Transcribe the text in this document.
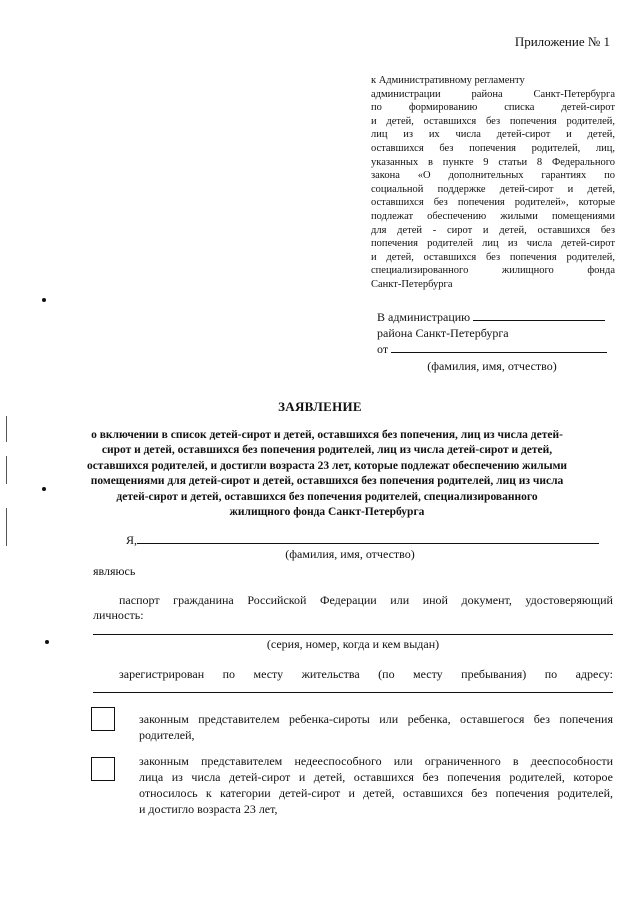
Приложение № 1
к Административному регламенту
администрации района Санкт-Петербурга
по формированию списка детей-сирот
и детей, оставшихся без попечения родителей,
лиц из их числа детей-сирот и детей,
оставшихся без попечения родителей, лиц,
указанных в пункте 9 статьи 8 Федерального
закона «О дополнительных гарантиях по
социальной поддержке детей-сирот и детей,
оставшихся без попечения родителей», которые
подлежат обеспечению жилыми помещениями
для детей - сирот и детей, оставшихся без
попечения родителей лиц из числа детей-сирот
и детей, оставшихся без попечения родителей,
специализированного жилищного фонда
Санкт-Петербурга
В администрацию
района Санкт-Петербурга
от
(фамилия, имя, отчество)
ЗАЯВЛЕНИЕ
о включении в список детей-сирот и детей, оставшихся без попечения, лиц из числа детей-сирот и детей, оставшихся без попечения родителей, лиц из числа детей-сирот и детей, оставшихся родителей, и достигли возраста 23 лет, которые подлежат обеспечению жилыми помещениями для детей-сирот и детей, оставшихся без попечения родителей, лиц из числа детей-сирот и детей, оставшихся без попечения родителей, специализированного жилищного фонда Санкт-Петербурга
Я,
(фамилия, имя, отчество)
являюсь
паспорт гражданина Российской Федерации или иной документ, удостоверяющий
личность:
(серия, номер, когда и кем выдан)
зарегистрирован по месту жительства (по месту пребывания) по адресу:
законным представителем ребенка-сироты или ребенка, оставшегося без попечения
родителей,
законным представителем недееспособного или ограниченного в дееспособности
лица из числа детей-сирот и детей, оставшихся без попечения родителей, которое
относилось к категории детей-сирот и детей, оставшихся без попечения родителей,
и достигло возраста 23 лет,
